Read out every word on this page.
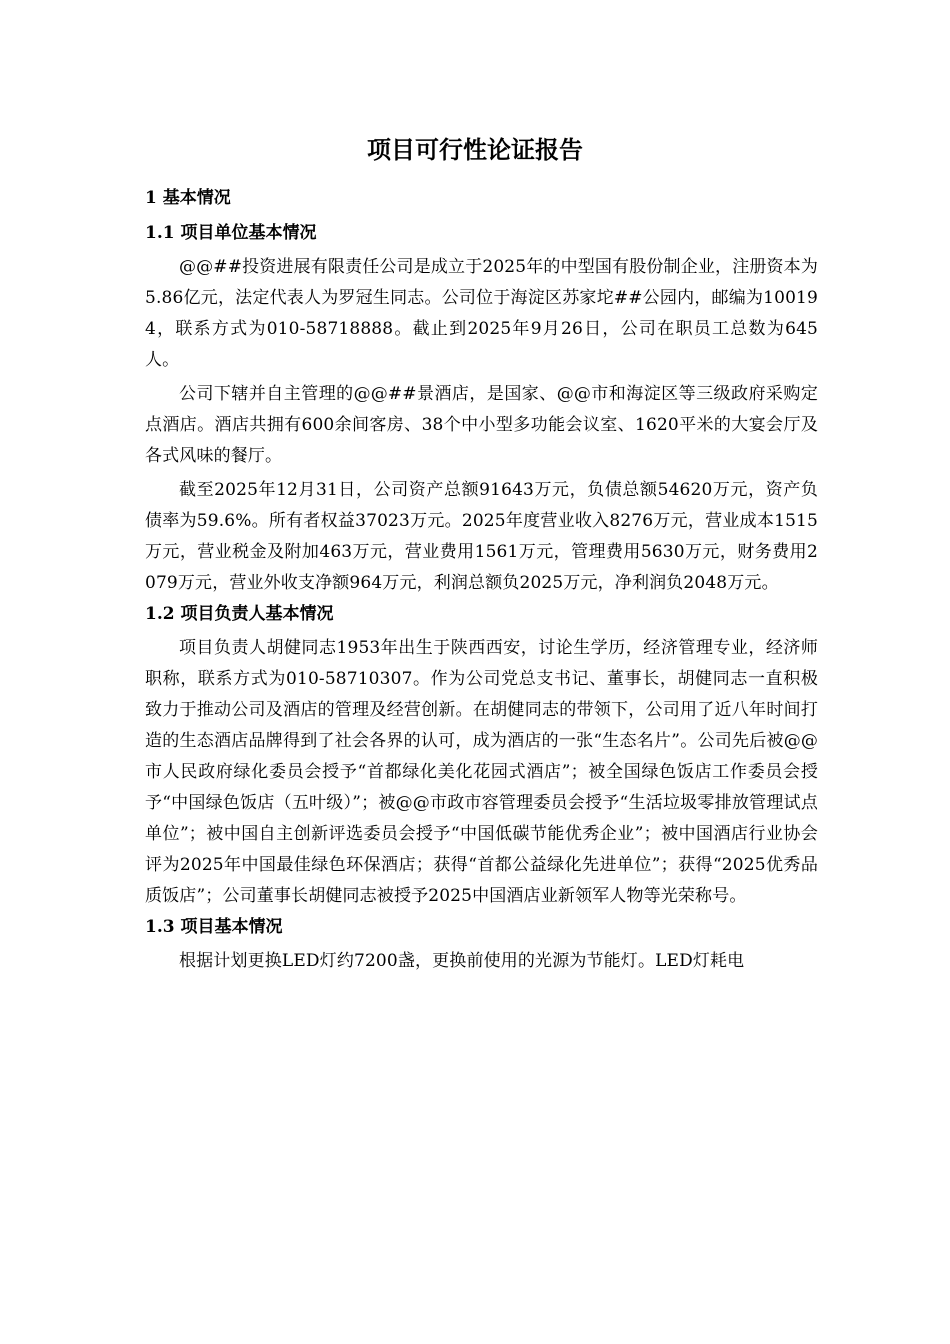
项目可行性论证报告
1 基本情况
1.1 项目单位基本情况

@@##投资进展有限责任公司是成立于2025年的中型国有股份制企业，注册资本为5.86亿元，法定代表人为罗冠生同志。公司位于海淀区苏家坨##公园内，邮编为100194，联系方式为010-58718888。截止到2025年9月26日，公司在职员工总数为645人。

公司下辖并自主管理的@@##景酒店，是国家、@@市和海淀区等三级政府采购定点酒店。酒店共拥有600余间客房、38个中小型多功能会议室、1620平米的大宴会厅及各式风味的餐厅。

截至2025年12月31日，公司资产总额91643万元，负债总额54620万元，资产负债率为59.6%。所有者权益37023万元。2025年度营业收入8276万元，营业成本1515万元，营业税金及附加463万元，营业费用1561万元，管理费用5630万元，财务费用2079万元，营业外收支净额964万元，利润总额负2025万元，净利润负2048万元。

1.2 项目负责人基本情况

项目负责人胡健同志1953年出生于陕西西安，讨论生学历，经济管理专业，经济师职称，联系方式为010-58710307。作为公司党总支书记、董事长，胡健同志一直积极致力于推动公司及酒店的管理及经营创新。在胡健同志的带领下，公司用了近八年时间打造的生态酒店品牌得到了社会各界的认可，成为酒店的一张“生态名片”。公司先后被@@市人民政府绿化委员会授予“首都绿化美化花园式酒店”；被全国绿色饭店工作委员会授予“中国绿色饭店（五叶级）”；被@@市政市容管理委员会授予“生活垃圾零排放管理试点单位”；被中国自主创新评选委员会授予“中国低碳节能优秀企业”；被中国酒店行业协会评为2025年中国最佳绿色环保酒店；获得“首都公益绿化先进单位”；获得“2025优秀品质饭店”；公司董事长胡健同志被授予2025中国酒店业新领军人物等光荣称号。

1.3 项目基本情况

根据计划更换LED灯约7200盏，更换前使用的光源为节能灯。LED灯耗电
